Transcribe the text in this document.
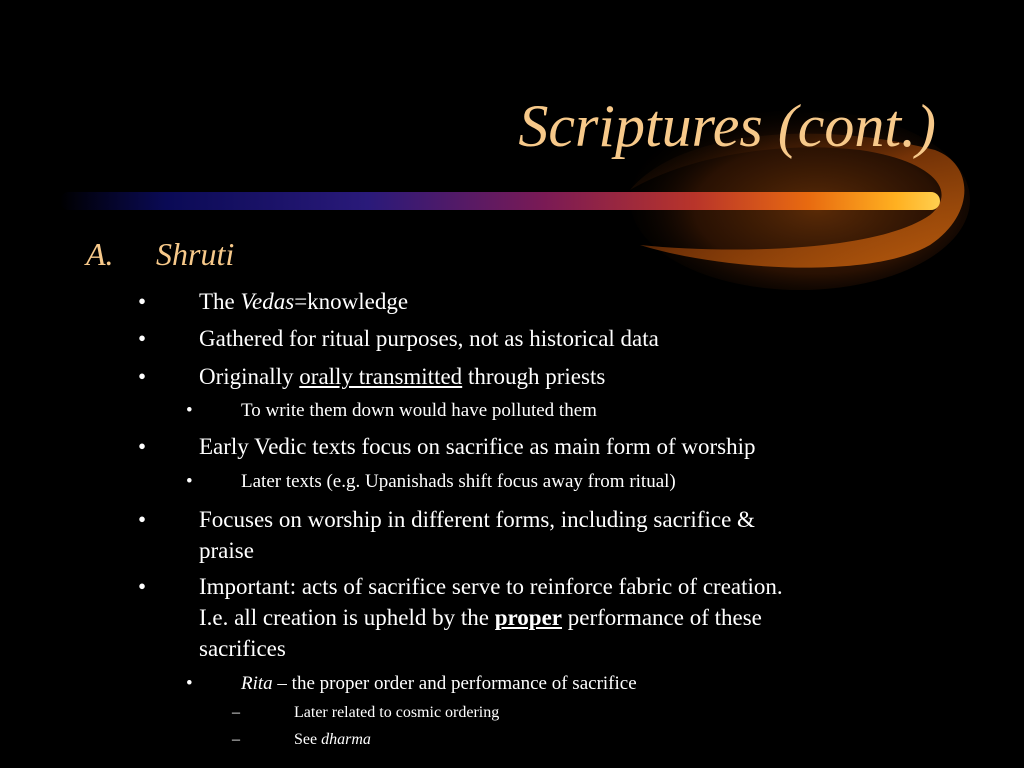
Scriptures (cont.)
A. Shruti
• The Vedas=knowledge
• Gathered for ritual purposes, not as historical data
• Originally orally transmitted through priests
•	To write them down would have polluted them
• Early Vedic texts focus on sacrifice as main form of worship
•	Later texts (e.g. Upanishads shift focus away from ritual)
• Focuses on worship in different forms, including sacrifice &
praise
• Important: acts of sacrifice serve to reinforce fabric of creation.
I.e. all creation is upheld by the proper performance of these
sacrifices
•	Rita – the proper order and performance of sacrifice
–	Later related to cosmic ordering
–	See dharma
